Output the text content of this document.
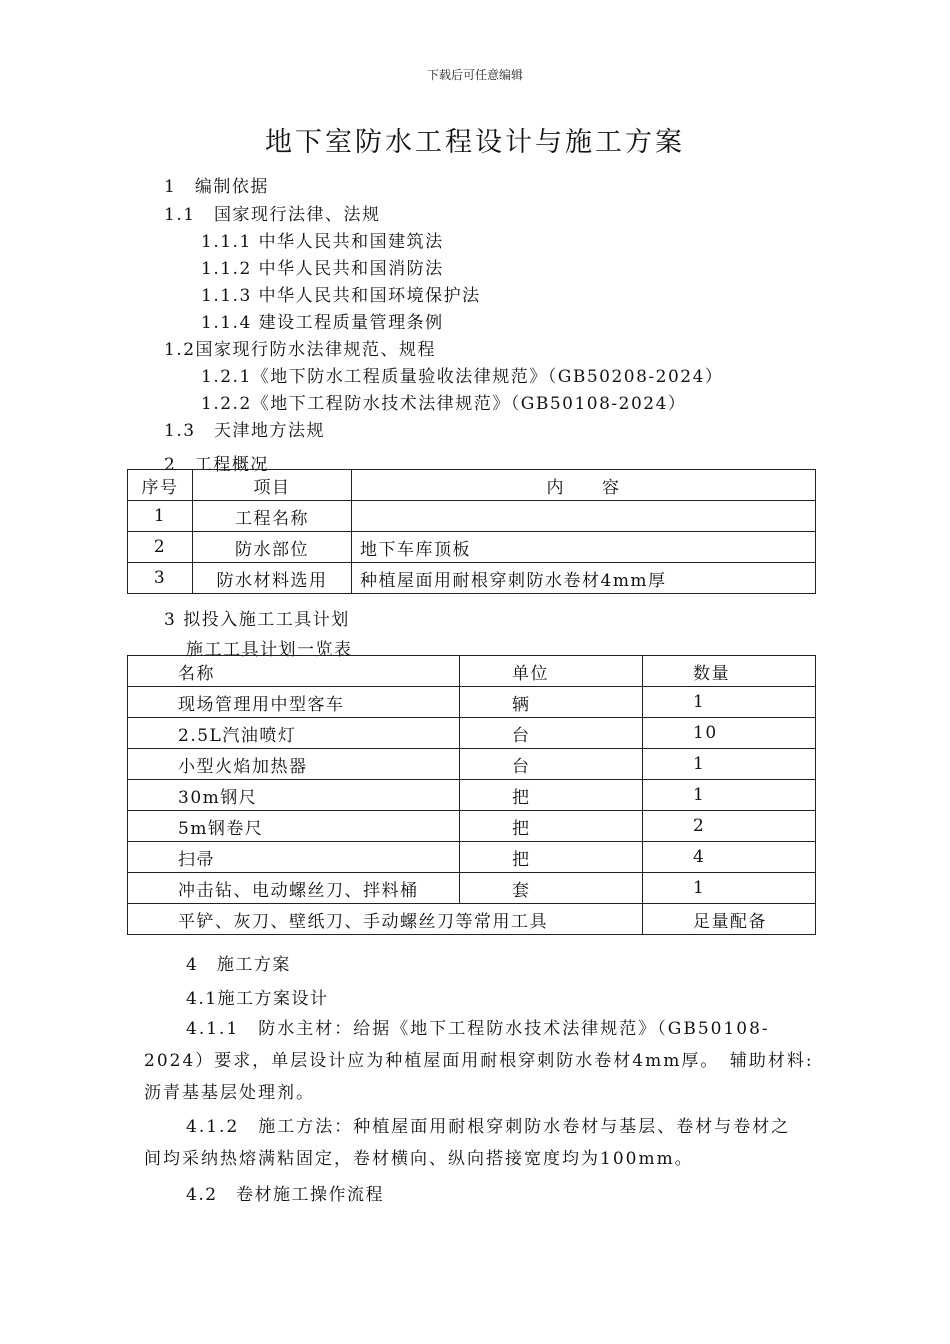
下载后可任意编辑
地下室防水工程设计与施工方案
1　编制依据
1.1　国家现行法律、法规
1.1.1 中华人民共和国建筑法
1.1.2 中华人民共和国消防法
1.1.3 中华人民共和国环境保护法
1.1.4 建设工程质量管理条例
1.2国家现行防水法律规范、规程
1.2.1《地下防水工程质量验收法律规范》（GB50208-2024）
1.2.2《地下工程防水技术法律规范》（GB50108-2024）
1.3　天津地方法规
2　工程概况
序号	项目	内　　容
1	工程名称	
2	防水部位	地下车库顶板
3	防水材料选用	种植屋面用耐根穿刺防水卷材4mm厚
3 拟投入施工工具计划
施工工具计划一览表
名称	单位	数量
现场管理用中型客车	辆	1
2.5L汽油喷灯	台	10
小型火焰加热器	台	1
30m钢尺	把	1
5m钢卷尺	把	2
扫帚	把	4
冲击钻、电动螺丝刀、拌料桶	套	1
平铲、灰刀、壁纸刀、手动螺丝刀等常用工具		足量配备
4　施工方案
4.1施工方案设计
4.1.1　防水主材：给据《地下工程防水技术法律规范》（GB50108-
2024）要求，单层设计应为种植屋面用耐根穿刺防水卷材4mm厚。　辅助材料:
沥青基基层处理剂。
4.1.2　施工方法：种植屋面用耐根穿刺防水卷材与基层、卷材与卷材之
间均采纳热熔满粘固定，卷材横向、纵向搭接宽度均为100mm。
4.2　卷材施工操作流程
